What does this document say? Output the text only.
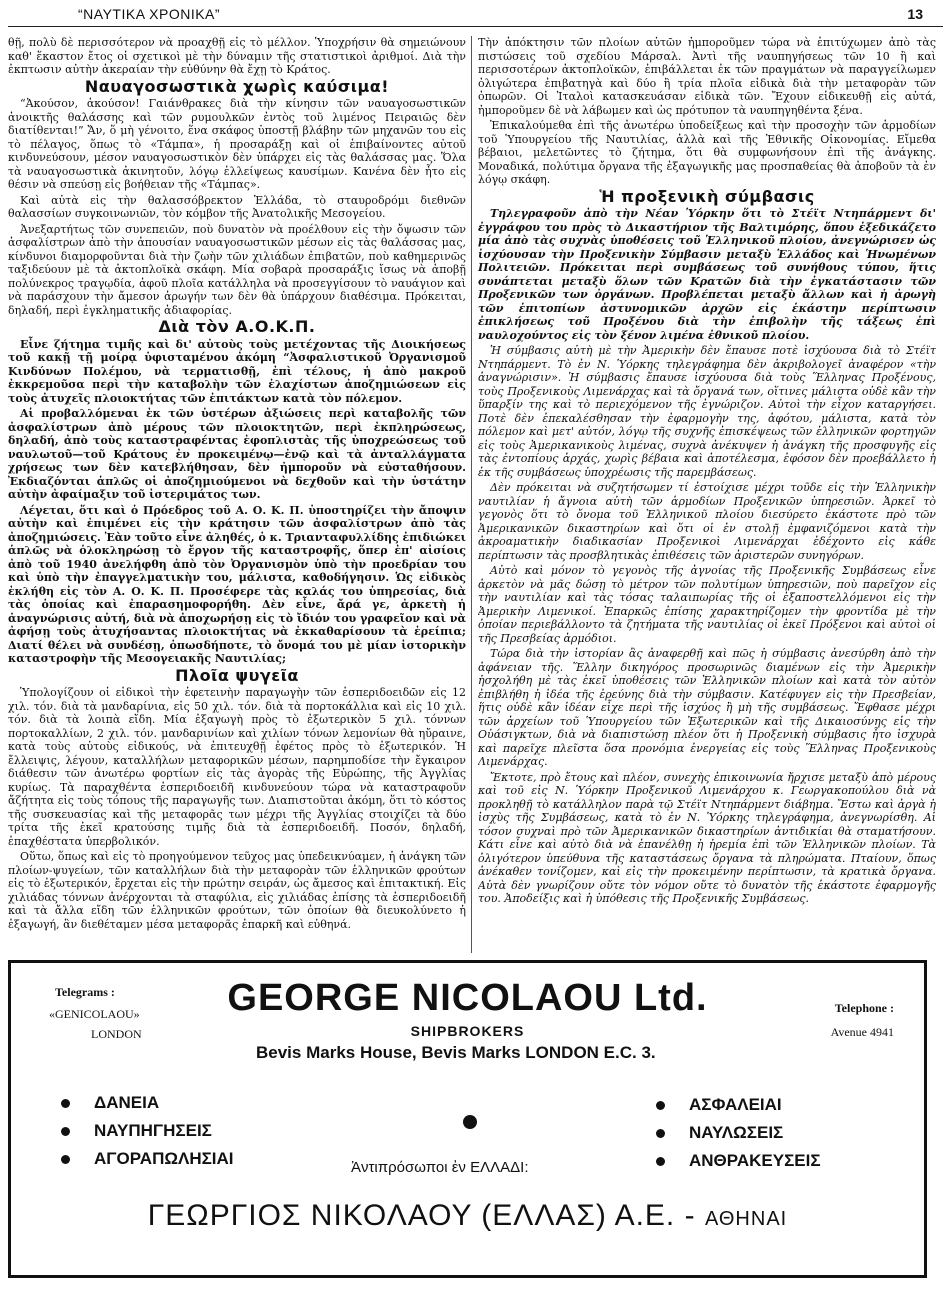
“ΝΑΥΤΙΚΑ ΧΡΟΝΙΚΑ”	13

θῇ, πολὺ δὲ περισσότερον νὰ προαχθῇ εἰς τὸ μέλλον. Ὑποχρήσιν θὰ σημειώνουν καθ' ἕκαστον ἔτος οἱ σχετικοὶ μὲ τὴν δύναμιν τῆς στατιστικοὶ ἀριθμοί. Διὰ τὴν ἐκπτωσιν αὐτὴν ἀκεραίαν τὴν εὐθύνην θὰ ἔχῃ τὸ Κράτος.

Ναυαγοσωστικὰ χωρὶς καύσιμα!

“Ἀκούσον, ἀκούσον! Γαιάνθρακες διὰ τὴν κίνησιν τῶν ναυαγοσωστικῶν ἀνοικτῆς θαλάσσης καὶ τῶν ρυμουλκῶν ἐντὸς τοῦ λιμένος Πειραιῶς δὲν διατίθενται!” Ἄν, ὅ μὴ γένοιτο, ἕνα σκάφος ὑποστῇ βλάβην τῶν μηχανῶν του εἰς τὸ πέλαγος, ὅπως τὸ «Τάμπα», ἡ προσαράξῃ καὶ οἱ ἐπιβαίνοντες αὐτοῦ κινδυνεύσουν, μέσον ναυαγοσωστικὸν δὲν ὑπάρχει εἰς τὰς θαλάσσας μας. Ὅλα τὰ ναυαγοσωστικὰ ἀκινητοῦν, λόγῳ ἐλλείψεως καυσίμων. Κανένα δὲν ἦτο εἰς θέσιν νὰ σπεύσῃ εἰς βοήθειαν τῆς «Τάμπας».

Καὶ αὐτὰ εἰς τὴν θαλασσόβρεκτον Ἑλλάδα, τὸ σταυροδρόμι διεθνῶν θαλασσίων συγκοινωνιῶν, τὸν κόμβον τῆς Ἀνατολικῆς Μεσογείου.

Ἀνεξαρτήτως τῶν συνεπειῶν, ποὺ δυνατὸν νὰ προέλθουν εἰς τὴν ὄψωσιν τῶν ἀσφαλίστρων ἀπὸ τὴν ἀπουσίαν ναυαγοσωστικῶν μέσων εἰς τὰς θαλάσσας μας, κίνδυνοι διαμορφοῦνται διὰ τὴν ζωὴν τῶν χιλιάδων ἐπιβατῶν, ποὺ καθημερινῶς ταξιδεύουν μὲ τὰ ἀκτοπλοϊκὰ σκάφη. Μία σοβαρὰ προσαράξις ἴσως νὰ ἀποβῇ πολύνεκρος τραγῳδία, ἀφοῦ πλοῖα κατάλληλα νὰ προσεγγίσουν τὸ ναυάγιον καὶ νὰ παράσχουν τὴν ἄμεσον ἀρωγήν των δὲν θὰ ὑπάρχουν διαθέσιμα. Πρόκειται, δηλαδή, περὶ ἐγκληματικῆς ἀδιαφορίας.

Διὰ τὸν Α.Ο.Κ.Π.

Εἶνε ζήτημα τιμῆς καὶ δι' αὐτοὺς τοὺς μετέχοντας τῆς Διοικήσεως τοῦ κακῇ τῇ μοίρᾳ ὑφισταμένου ἀκόμη “Ἀσφαλιστικοῦ Ὀργανισμοῦ Κινδύνων Πολέμου, νὰ τερματισθῇ, ἐπὶ τέλους, ἡ ἀπὸ μακροῦ ἐκκρεμοῦσα περὶ τὴν καταβολὴν τῶν ἐλαχίστων ἀποζημιώσεων εἰς τοὺς ἀτυχεῖς πλοιοκτήτας τῶν ἐπιτάκτων κατὰ τὸν πόλεμον.

Αἱ προβαλλόμεναι ἐκ τῶν ὑστέρων ἀξιώσεις περὶ καταβολῆς τῶν ἀσφαλίστρων ἀπὸ μέρους τῶν πλοιοκτητῶν, περὶ ἐκπληρώσεως, δηλαδή, ἀπὸ τοὺς καταστραφέντας ἐφοπλιστὰς τῆς ὑποχρεώσεως τοῦ ναυλωτοῦ—τοῦ Κράτους ἐν προκειμένῳ—ἐνῷ καὶ τὰ ἀνταλλάγματα χρήσεως των δὲν κατεβλήθησαν, δὲν ἠμποροῦν νὰ εὐσταθήσουν. Ἐκδιαζόνται ἁπλῶς οἱ ἀποζημιούμενοι νὰ δεχθοῦν καὶ τὴν ὑστάτην αὐτὴν ἀφαίμαξιν τοῦ ἰστεριμάτος των.

Λέγεται, ὅτι καὶ ὁ Πρόεδρος τοῦ Α. Ο. Κ. Π. ὑποστηρίζει τὴν ἄποψιν αὐτὴν καὶ ἐπιμένει εἰς τὴν κράτησιν τῶν ἀσφαλίστρων ἀπὸ τὰς ἀποζημιώσεις. Ἐὰν τοῦτο εἶνε ἀληθές, ὁ κ. Τριανταφυλλίδης ἐπιδιώκει ἁπλῶς νὰ ὁλοκληρώσῃ τὸ ἔργον τῆς καταστροφῆς, ὅπερ ἐπ' αἰσίοις ἀπὸ τοῦ 1940 ἀνελήφθη ἀπὸ τὸν Ὀργανισμὸν ὑπὸ τὴν προεδρίαν του καὶ ὑπὸ τὴν ἐπαγγελματικὴν του, μάλιστα, καθοδήγησιν. Ὡς εἰδικὸς ἐκλήθη εἰς τὸν Α. Ο. Κ. Π. Προσέφερε τὰς καλάς του ὑπηρεσίας, διὰ τὰς ὁποίας καὶ ἐπαρασημοφορήθη. Δὲν εἶνε, ἄρά γε, ἀρκετὴ ἡ ἀναγνώρισις αὐτή, διὰ νὰ ἀποχωρήσῃ εἰς τὸ ἴδιόν του γραφεῖον καὶ νὰ ἀφήσῃ τοὺς ἀτυχήσαντας πλοιοκτήτας νὰ ἐκκαθαρίσουν τὰ ἐρείπια; Διατί θέλει νὰ συνδέσῃ, ὁπωσδήποτε, τὸ ὄνομά του μὲ μίαν ἱστορικὴν καταστροφὴν τῆς Μεσογειακῆς Ναυτιλίας;

Πλοῖα ψυγεῖα

Ὑπολογίζουν οἱ εἰδικοὶ τὴν ἐφετεινὴν παραγωγὴν τῶν ἑσπεριδοειδῶν εἰς 12 χιλ. τόν. διὰ τὰ μανδαρίνια, εἰς 50 χιλ. τόν. διὰ τὰ πορτοκάλλια καὶ εἰς 10 χιλ. τόν. διὰ τὰ λοιπὰ εἴδη. Μία ἐξαγωγὴ πρὸς τὸ ἐξωτερικὸν 5 χιλ. τόννων πορτοκαλλίων, 2 χιλ. τόν. μανδαρινίων καὶ χιλίων τόνων λεμονίων θὰ ηὔραινε, κατὰ τοὺς αὐτοὺς εἰδικούς, νὰ ἐπιτευχθῇ ἐφέτος πρὸς τὸ ἐξωτερικόν. Ἡ ἔλλειψις, λέγουν, καταλλήλων μεταφορικῶν μέσων, παρημποδίσε τὴν ἔγκαιρον διάθεσιν τῶν ἀνωτέρω φορτίων εἰς τὰς ἀγορὰς τῆς Εὐρώπης, τῆς Ἀγγλίας κυρίως. Τὰ παραχθέντα ἑσπεριδοειδῆ κινδυνεύουν τώρα νὰ καταστραφοῦν ἄζήτητα εἰς τοὺς τόπους τῆς παραγωγῆς των. Διαπιστοῦται ἀκόμη, ὅτι τὸ κόστος τῆς συσκευασίας καὶ τῆς μεταφορᾶς των μέχρι τῆς Ἀγγλίας στοιχίζει τὰ δύο τρίτα τῆς ἐκεῖ κρατούσης τιμῆς διὰ τὰ ἑσπεριδοειδῆ. Ποσόν, δηλαδή, ἐπαχθέστατα ὑπερβολικόν.

Οὕτω, ὅπως καὶ εἰς τὸ προηγούμενον τεῦχος μας ὑπεδεικνύαμεν, ἡ ἀνάγκη τῶν πλοίων-ψυγείων, τῶν καταλλήλων διὰ τὴν μεταφορὰν τῶν ἑλληνικῶν φρούτων εἰς τὸ ἐξωτερικόν, ἔρχεται εἰς τὴν πρώτην σειράν, ὡς ἄμεσος καὶ ἐπιτακτική. Εἰς χιλιάδας τόννων ἀνέρχονται τὰ σταφύλια, εἰς χιλιάδας ἐπίσης τὰ ἑσπεριδοειδῆ καὶ τὰ ἄλλα εἴδη τῶν ἑλληνικῶν φρούτων, τῶν ὁποίων θὰ διευκολύνετο ἡ ἐξαγωγή, ἂν διεθέταμεν μέσα μεταφορᾶς ἐπαρκῆ καὶ εὐθηνά.

Τὴν ἀπόκτησιν τῶν πλοίων αὐτῶν ἠμποροῦμεν τώρα νὰ ἐπιτύχωμεν ἀπὸ τὰς πιστώσεις τοῦ σχεδίου Μάρσαλ. Ἀντὶ τῆς ναυπηγήσεως τῶν 10 ἢ καὶ περισσοτέρων ἀκτοπλοϊκῶν, ἐπιβάλλεται ἐκ τῶν πραγμάτων νὰ παραγγείλωμεν ὀλιγώτερα ἐπιβατηγὰ καὶ δύο ἢ τρία πλοῖα εἰδικὰ διὰ τὴν μεταφορὰν τῶν ὀπωρῶν. Οἱ Ἰταλοὶ κατασκευάσαν εἰδικὰ τῶν. Ἔχουν εἰδικευθῇ εἰς αὐτά, ἠμποροῦμεν δὲ νὰ λάβωμεν καὶ ὡς πρότυπον τὰ ναυπηγηθέντα ξένα.

Ἐπικαλούμεθα ἐπὶ τῆς ἀνωτέρω ὑποδείξεως καὶ τὴν προσοχὴν τῶν ἁρμοδίων τοῦ Ὑπουργείου τῆς Ναυτιλίας, ἀλλὰ καὶ τῆς Ἐθνικῆς Οἰκονομίας. Εἴμεθα βέβαιοι, μελετῶντες τὸ ζήτημα, ὅτι θὰ συμφωνήσουν ἐπὶ τῆς ἀνάγκης. Μοναδικά, πολύτιμα ὄργανα τῆς ἐξαγωγικῆς μας προσπαθείας θὰ ἀποβοῦν τὰ ἐν λόγῳ σκάφη.

Ἡ προξενικὴ σύμβασις

Τηλεγραφοῦν ἀπὸ τὴν Νέαν Ὑόρκην ὅτι τὸ Στέϊτ Ντηπάρμεντ δι' ἐγγράφου του πρὸς τὸ Δικαστήριον τῆς Βαλτιμόρης, ὅπου ἐξεδικάζετο μία ἀπὸ τὰς συχνὰς ὑποθέσεις τοῦ Ἑλληνικοῦ πλοίου, ἀνεγνώρισεν ὡς ἰσχύουσαν τὴν Προξενικὴν Σύμβασιν μεταξὺ Ἑλλάδος καὶ Ἡνωμένων Πολιτειῶν. Πρόκειται περὶ συμβάσεως τοῦ συνήθους τύπου, ἥτις συνάπτεται μεταξὺ ὅλων τῶν Κρατῶν διὰ τὴν ἐγκατάστασιν τῶν Προξενικῶν των ὀργάνων. Προβλέπεται μεταξὺ ἄλλων καὶ ἡ ἀρωγὴ τῶν ἐπιτοπίων ἀστυνομικῶν ἀρχῶν εἰς ἑκάστην περίπτωσιν ἐπικλήσεως τοῦ Προξένου διὰ τὴν ἐπιβολὴν τῆς τάξεως ἐπὶ ναυλοχούντος εἰς τὸν ξένον λιμένα ἐθνικοῦ πλοίου.

Ἡ σύμβασις αὐτὴ μὲ τὴν Ἀμερικὴν δὲν ἔπαυσε ποτὲ ἰσχύουσα διὰ τὸ Στέϊτ Ντηπάρμεντ. Τὸ ἐν Ν. Ὑόρκης τηλεγράφημα δὲν ἀκριβολογεῖ ἀναφέρον «τὴν ἀναγνώρισιν». Ἡ σύμβασις ἔπαυσε ἰσχύουσα διὰ τοὺς Ἕλληνας Προξένους, τοὺς Προξενικοὺς Λιμενάρχας καὶ τὰ ὄργανά των, οἵτινες μάλιστα οὐδὲ κἂν τὴν ὕπαρξίν της καὶ τὸ περιεχόμενον τῆς ἐγνώριζον. Αὐτοὶ τὴν εἶχον καταργήσει. Ποτὲ δὲν ἐπεκαλέσθησαν τὴν ἐφαρμογὴν της, ἀφότου, μάλιστα, κατὰ τὸν πόλεμον καὶ μετ' αὐτόν, λόγῳ τῆς συχνῆς ἐπισκέψεως τῶν ἑλληνικῶν φορτηγῶν εἰς τοὺς Ἀμερικανικοὺς λιμένας, συχνὰ ἀνέκυψεν ἡ ἀνάγκη τῆς προσφυγῆς εἰς τὰς ἐντοπίους ἀρχάς, χωρὶς βέβαια καὶ ἀποτέλεσμα, ἐφόσον δὲν προεβάλλετο ἡ ἐκ τῆς συμβάσεως ὑποχρέωσις τῆς παρεμβάσεως.

Δὲν πρόκειται νὰ συζητήσωμεν τί ἐστοίχισε μέχρι τοῦδε εἰς τὴν Ἑλληνικὴν ναυτιλίαν ἡ ἄγνοια αὐτὴ τῶν ἁρμοδίων Προξενικῶν ὑπηρεσιῶν. Ἀρκεῖ τὸ γεγονὸς ὅτι τὸ ὄνομα τοῦ Ἑλληνικοῦ πλοίου διεσύρετο ἑκάστοτε πρὸ τῶν Ἀμερικανικῶν δικαστηρίων καὶ ὅτι οἱ ἐν στολῇ ἐμφανιζόμενοι κατὰ τὴν ἀκροαματικὴν διαδικασίαν Προξενικοὶ Λιμενάρχαι ἐδέχοντο εἰς κάθε περίπτωσιν τὰς προσβλητικὰς ἐπιθέσεις τῶν ἀριστερῶν συνηγόρων.

Αὐτὸ καὶ μόνον τὸ γεγονὸς τῆς ἀγνοίας τῆς Προξενικῆς Συμβάσεως εἶνε ἀρκετὸν νὰ μᾶς δώσῃ τὸ μέτρον τῶν πολυτίμων ὑπηρεσιῶν, ποὺ παρεῖχον εἰς τὴν ναυτιλίαν καὶ τὰς τόσας ταλαιπωρίας τῆς οἱ ἐξαποστελλόμενοι εἰς τὴν Ἀμερικὴν Λιμενικοί. Ἐπαρκῶς ἐπίσης χαρακτηρίζομεν τὴν φροντίδα μὲ τὴν ὁποίαν περιεβάλλοντο τὰ ζητήματα τῆς ναυτιλίας οἱ ἐκεῖ Πρόξενοι καὶ αὐτοὶ οἱ τῆς Πρεσβείας ἁρμόδιοι.

Τώρα διὰ τὴν ἱστορίαν ἂς ἀναφερθῇ καὶ πῶς ἡ σύμβασις ἀνεσύρθη ἀπὸ τὴν ἀφάνειαν τῆς. Ἕλλην δικηγόρος προσωρινῶς διαμένων εἰς τὴν Ἀμερικὴν ἠσχολήθη μὲ τὰς ἐκεῖ ὑποθέσεις τῶν Ἑλληνικῶν πλοίων καὶ κατὰ τὸν αὐτὸν ἐπιβλήθη ἡ ἰδέα τῆς ἐρεύνης διὰ τὴν σύμβασιν. Κατέφυγεν εἰς τὴν Πρεσβείαν, ἥτις οὐδὲ κἂν ἰδέαν εἶχε περὶ τῆς ἰσχύος ἢ μὴ τῆς συμβάσεως. Ἔφθασε μέχρι τῶν ἀρχείων τοῦ Ὑπουργείου τῶν Ἐξωτερικῶν καὶ τῆς Δικαιοσύνης εἰς τὴν Οὐάσιγκτων, διὰ νὰ διαπιστώσῃ πλέον ὅτι ἡ Προξενικὴ σύμβασις ἦτο ἰσχυρὰ καὶ παρεῖχε πλεῖστα ὅσα προνόμια ἐνεργείας εἰς τοὺς Ἕλληνας Προξενικοὺς Λιμενάρχας.

Ἔκτοτε, πρὸ ἔτους καὶ πλέον, συνεχὴς ἐπικοινωνία ἤρχισε μεταξὺ ἀπὸ μέρους καὶ τοῦ εἰς Ν. Ὑόρκην Προξενικοῦ Λιμενάρχου κ. Γεωργακοπούλου διὰ νὰ προκληθῇ τὸ κατάλληλον παρὰ τῷ Στέϊτ Ντηπάρμεντ διάβημα. Ἔστω καὶ ἀργὰ ἡ ἰσχὺς τῆς Συμβάσεως, κατὰ τὸ ἐν Ν. Ὑόρκης τηλεγράφημα, ἀνεγνωρίσθη. Αἱ τόσον συχναὶ πρὸ τῶν Ἀμερικανικῶν δικαστηρίων ἀντιδικίαι θὰ σταματήσουν. Κάτι εἶνε καὶ αὐτὸ διὰ νὰ ἐπανέλθῃ ἡ ἠρεμία ἐπὶ τῶν Ἑλληνικῶν πλοίων. Τὰ ὀλιγότερον ὑπεύθυνα τῆς καταστάσεως ὄργανα τὰ πληρώματα. Πταίουν, ὅπως ἀνέκαθεν τονίζομεν, καὶ εἰς τὴν προκειμένην περίπτωσιν, τὰ κρατικὰ ὄργανα. Αὐτὰ δὲν γνωρίζουν οὔτε τὸν νόμον οὔτε τὸ δυνατὸν τῆς ἑκάστοτε ἐφαρμογῆς του. Ἀποδείξις καὶ ἡ ὑπόθεσις τῆς Προξενικῆς Συμβάσεως.

Telegrams :
«GENICOLAOU»
LONDON
Telephone :
Avenue 4941
GEORGE NICOLAOU Ltd.
SHIPBROKERS
Bevis Marks House, Bevis Marks LONDON E.C. 3.
ΔΑΝΕΙΑ
ΝΑΥΠΗΓΗΣΕΙΣ
ΑΓΟΡΑΠΩΛΗΣΙΑΙ
ΑΣΦΑΛΕΙΑΙ
ΝΑΥΛΩΣΕΙΣ
ΑΝΘΡΑΚΕΥΣΕΙΣ
Ἀντιπρόσωποι ἐν ΕΛΛΑΔΙ:
ΓΕΩΡΓΙΟΣ ΝΙΚΟΛΑΟΥ (ΕΛΛΑΣ) Α.Ε. - ΑΘΗΝΑΙ
